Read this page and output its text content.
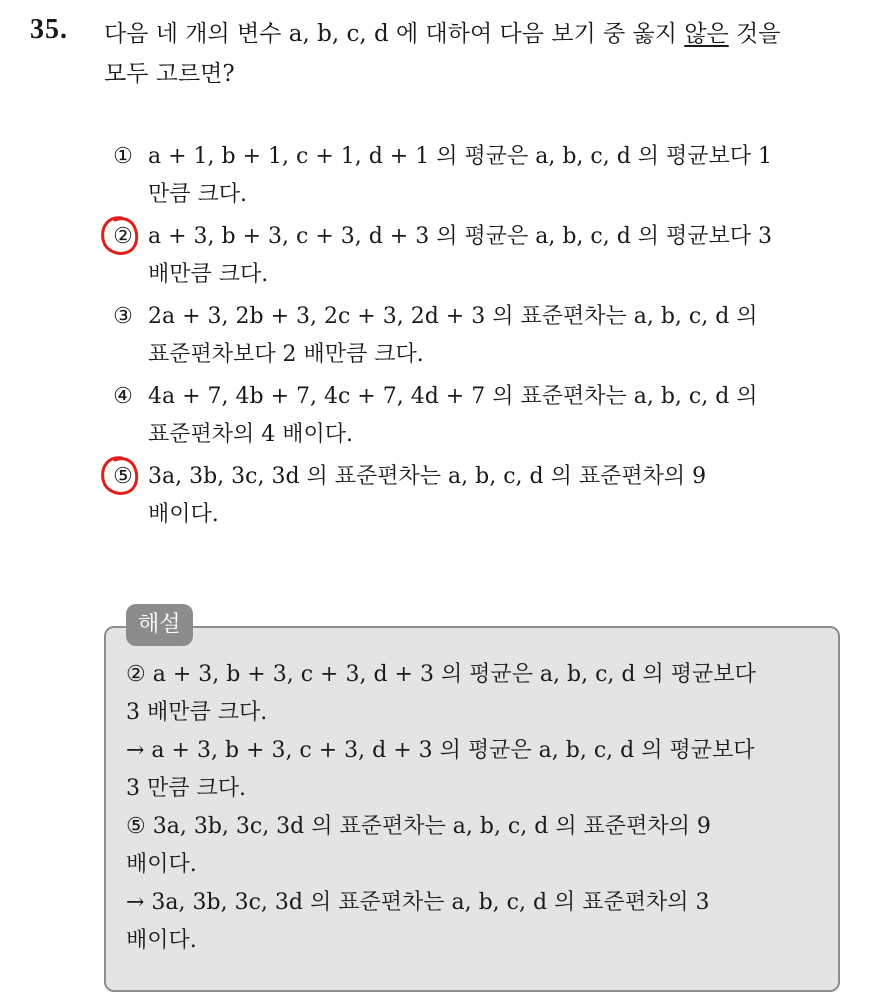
35. 다음 네 개의 변수 a, b, c, d 에 대하여 다음 보기 중 옳지 않은 것을
모두 고르면?
① a + 1, b + 1, c + 1, d + 1 의 평균은 a, b, c, d 의 평균보다 1
만큼 크다.
② a + 3, b + 3, c + 3, d + 3 의 평균은 a, b, c, d 의 평균보다 3
배만큼 크다.
③ 2a + 3, 2b + 3, 2c + 3, 2d + 3 의 표준편차는 a, b, c, d 의
표준편차보다 2 배만큼 크다.
④ 4a + 7, 4b + 7, 4c + 7, 4d + 7 의 표준편차는 a, b, c, d 의
표준편차의 4 배이다.
⑤ 3a, 3b, 3c, 3d 의 표준편차는 a, b, c, d 의 표준편차의 9
배이다.
해설
② a + 3, b + 3, c + 3, d + 3 의 평균은 a, b, c, d 의 평균보다
3 배만큼 크다.
→ a + 3, b + 3, c + 3, d + 3 의 평균은 a, b, c, d 의 평균보다
3 만큼 크다.
⑤ 3a, 3b, 3c, 3d 의 표준편차는 a, b, c, d 의 표준편차의 9
배이다.
→ 3a, 3b, 3c, 3d 의 표준편차는 a, b, c, d 의 표준편차의 3
배이다.
